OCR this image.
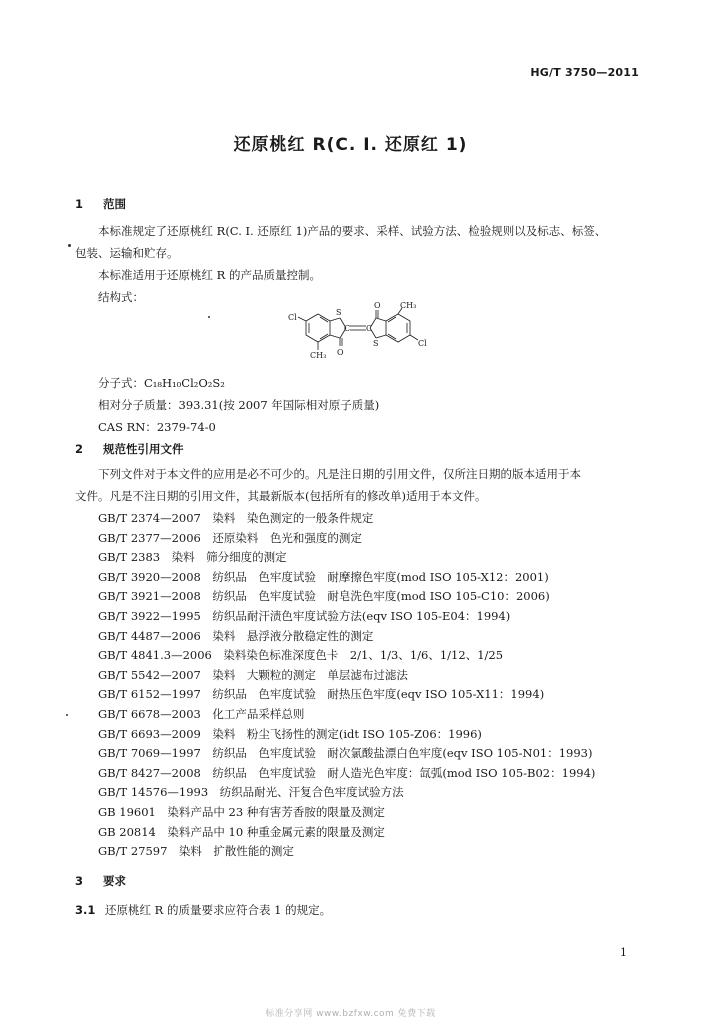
HG/T 3750—2011
还原桃红 R(C. I. 还原红 1)
1 范围
本标准规定了还原桃红 R(C. I. 还原红 1)产品的要求、采样、试验方法、检验规则以及标志、标签、
包装、运输和贮存。
本标准适用于还原桃红 R 的产品质量控制。
结构式：
Cl
CH₃
S
O
C C
O
S
CH₃
Cl
分子式：C₁₈H₁₀Cl₂O₂S₂
相对分子质量：393.31(按 2007 年国际相对原子质量)
CAS RN：2379-74-0
2 规范性引用文件
下列文件对于本文件的应用是必不可少的。凡是注日期的引用文件，仅所注日期的版本适用于本
文件。凡是不注日期的引用文件，其最新版本(包括所有的修改单)适用于本文件。
GB/T 2374—2007　染料　染色测定的一般条件规定
GB/T 2377—2006　还原染料　色光和强度的测定
GB/T 2383　染料　筛分细度的测定
GB/T 3920—2008　纺织品　色牢度试验　耐摩擦色牢度(mod ISO 105-X12：2001)
GB/T 3921—2008　纺织品　色牢度试验　耐皂洗色牢度(mod ISO 105-C10：2006)
GB/T 3922—1995　纺织品耐汗渍色牢度试验方法(eqv ISO 105-E04：1994)
GB/T 4487—2006　染料　悬浮液分散稳定性的测定
GB/T 4841.3—2006　染料染色标准深度色卡　2/1、1/3、1/6、1/12、1/25
GB/T 5542—2007　染料　大颗粒的测定　单层滤布过滤法
GB/T 6152—1997　纺织品　色牢度试验　耐热压色牢度(eqv ISO 105-X11：1994)
GB/T 6678—2003　化工产品采样总则
GB/T 6693—2009　染料　粉尘飞扬性的测定(idt ISO 105-Z06：1996)
GB/T 7069—1997　纺织品　色牢度试验　耐次氯酸盐漂白色牢度(eqv ISO 105-N01：1993)
GB/T 8427—2008　纺织品　色牢度试验　耐人造光色牢度：氙弧(mod ISO 105-B02：1994)
GB/T 14576—1993　纺织品耐光、汗复合色牢度试验方法
GB 19601　染料产品中 23 种有害芳香胺的限量及测定
GB 20814　染料产品中 10 种重金属元素的限量及测定
GB/T 27597　染料　扩散性能的测定
3 要求
3.1 还原桃红 R 的质量要求应符合表 1 的规定。
1
标准分享网 www.bzfxw.com 免费下载
